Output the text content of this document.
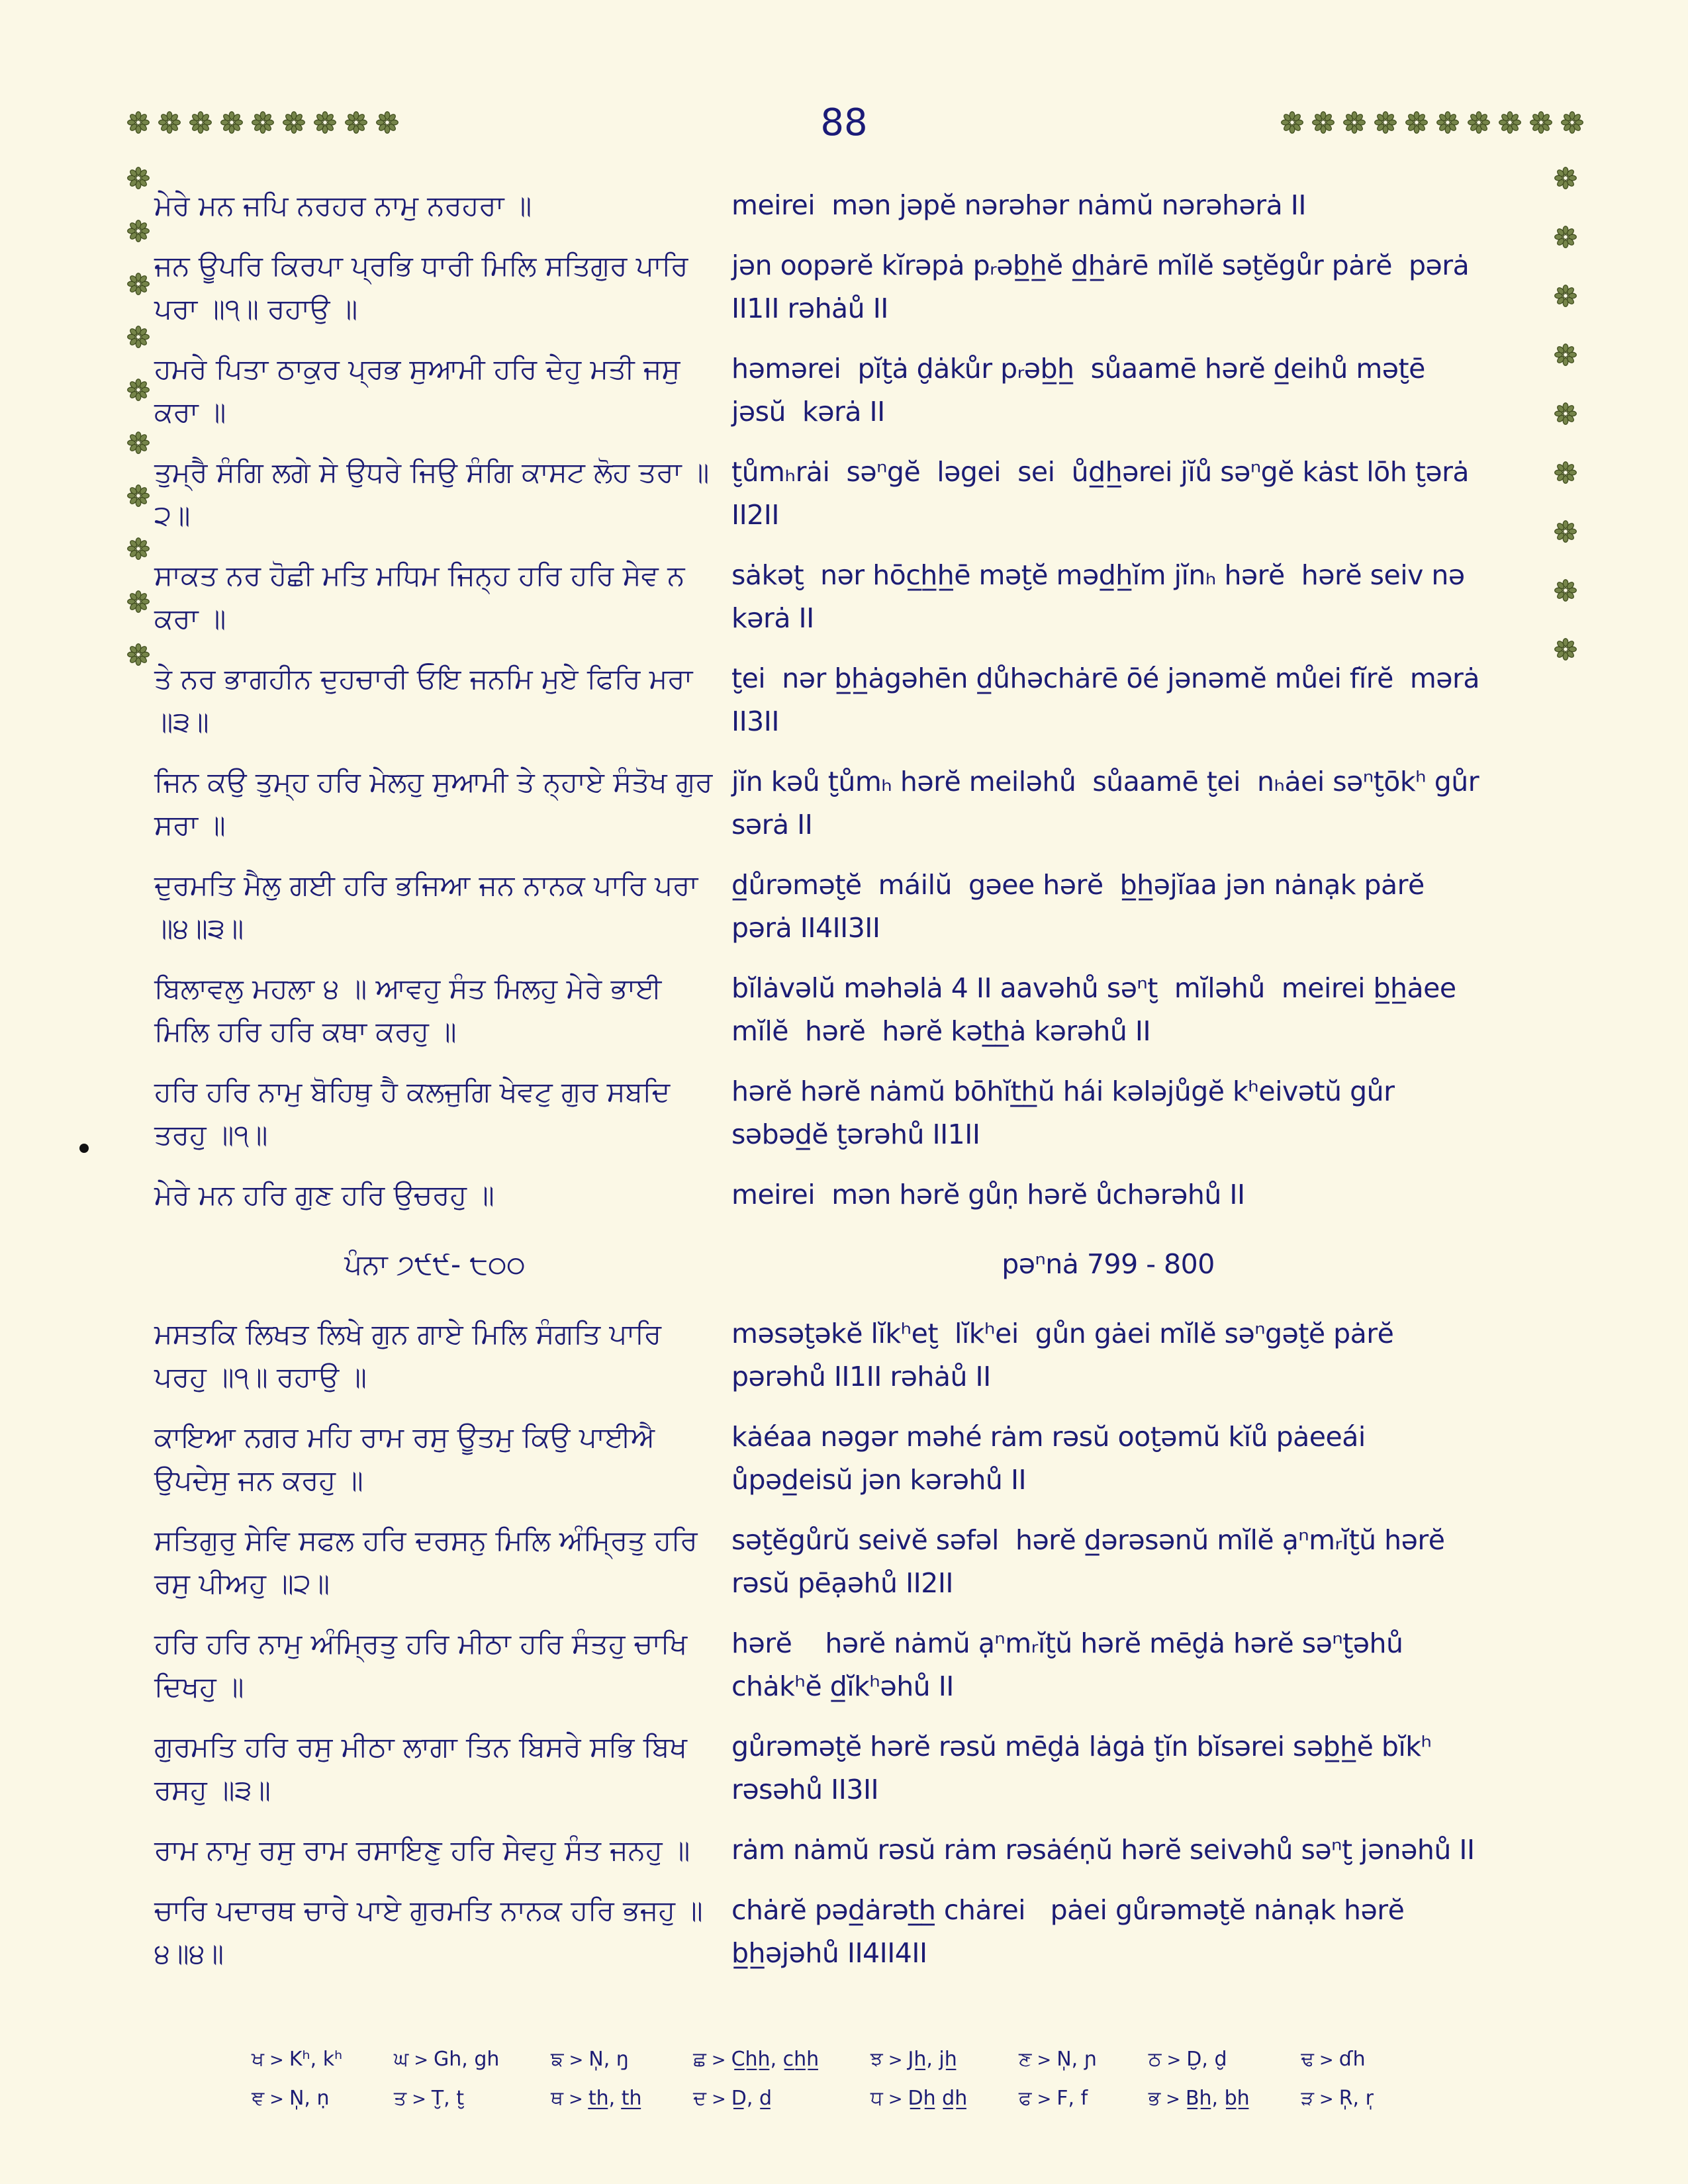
88
ਮੇਰੇ ਮਨ ਜਪਿ ਨਰਹਰ ਨਾਮੁ ਨਰਹਰਾ ॥	meirei  mən jəpĕ nərəhər nȧmŭ nərəhərȧ II
ਜਨ ਊਪਰਿ ਕਿਰਪਾ ਪ੍ਰਭਿ ਧਾਰੀ ਮਿਲਿ ਸਤਿਗੁਰ ਪਾਰਿ ਪਰਾ ॥੧॥ ਰਹਾਉ ॥
jən oopərĕ kĭrəpȧ pᵣəb̲h̲ĕ d̲h̲ȧrē mĭlĕ sət̮ĕgůr pȧrĕ  pərȧ II1II rəhȧů II
ਹਮਰੇ ਪਿਤਾ ਠਾਕੁਰ ਪ੍ਰਭ ਸੁਆਮੀ ਹਰਿ ਦੇਹੁ ਮਤੀ ਜਸੁ ਕਰਾ ॥
həmərei  pĭt̮ȧ d̮ȧkůr pᵣəb̲h̲  sůaamē hərĕ d̲eihů mət̮ē  jəsŭ  kərȧ II
ਤੁਮ੍ਰੈ ਸੰਗਿ ਲਗੇ ਸੇ ਉਧਰੇ ਜਿਉ ਸੰਗਿ ਕਾਸਟ ਲੋਹ ਤਰਾ ॥੨॥
t̮ůmₕrȧi  səⁿgĕ  ləgei  sei  ůd̲h̲ərei jĭů səⁿgĕ kȧst lōh t̮ərȧ II2II
ਸਾਕਤ ਨਰ ਹੋਛੀ ਮਤਿ ਮਧਿਮ ਜਿਨ੍ਹ ਹਰਿ ਹਰਿ ਸੇਵ ਨ ਕਰਾ ॥
sȧkət̮  nər hōc̲h̲h̲ē mət̮ĕ məd̲h̲ĭm jĭnₕ hərĕ  hərĕ seiv nə  kərȧ II
ਤੇ ਨਰ ਭਾਗਹੀਨ ਦੁਹਚਾਰੀ ਓਇ ਜਨਮਿ ਮੁਏ ਫਿਰਿ ਮਰਾ ॥੩॥
t̮ei  nər b̲h̲ȧgəhēn d̲ůhəchȧrē ōé jənəmĕ můei fĭrĕ  mərȧ II3II
ਜਿਨ ਕਉ ਤੁਮ੍ਹ ਹਰਿ ਮੇਲਹੁ ਸੁਆਮੀ ਤੇ ਨ੍ਹਾਏ ਸੰਤੋਖ ਗੁਰ ਸਰਾ ॥
jĭn kəů t̮ůmₕ hərĕ meiləhů  sůaamē t̮ei  nₕȧei səⁿt̮ōkʰ gůr  sərȧ II
ਦੁਰਮਤਿ ਮੈਲੁ ਗਈ ਹਰਿ ਭਜਿਆ ਜਨ ਨਾਨਕ ਪਾਰਿ ਪਰਾ ॥੪॥੩॥
d̲ůrəmət̮ĕ  máilŭ  gəee hərĕ  b̲h̲əjĭaa jən nȧnạk pȧrĕ pərȧ II4II3II
ਬਿਲਾਵਲੁ ਮਹਲਾ ੪ ॥ ਆਵਹੁ ਸੰਤ ਮਿਲਹੁ ਮੇਰੇ ਭਾਈ ਮਿਲਿ ਹਰਿ ਹਰਿ ਕਥਾ ਕਰਹੁ ॥
bĭlȧvəlŭ məhəlȧ 4 II aavəhů səⁿt̮  mĭləhů  meirei b̲h̲ȧee mĭlĕ  hərĕ  hərĕ kət̲h̲ȧ kərəhů II
ਹਰਿ ਹਰਿ ਨਾਮੁ ਬੋਹਿਥੁ ਹੈ ਕਲਜੁਗਿ ਖੇਵਟੁ ਗੁਰ ਸਬਦਿ ਤਰਹੁ ॥੧॥
hərĕ hərĕ nȧmŭ bōhĭt̲h̲ŭ hái kələjůgĕ kʰeivətŭ gůr səbəd̲ĕ t̮ərəhů II1II
ਮੇਰੇ ਮਨ ਹਰਿ ਗੁਣ ਹਰਿ ਉਚਰਹੁ ॥	meirei  mən hərĕ gůṇ hərĕ ůchərəhů II
ਪੰਨਾ ੭੯੯- ੮੦੦	pəⁿnȧ 799 - 800
ਮਸਤਕਿ ਲਿਖਤ ਲਿਖੇ ਗੁਨ ਗਾਏ ਮਿਲਿ ਸੰਗਤਿ ਪਾਰਿ ਪਰਹੁ ॥੧॥ ਰਹਾਉ ॥
məsət̮əkĕ lĭkʰet̮  lĭkʰei  gůn gȧei mĭlĕ səⁿgət̮ĕ pȧrĕ pərəhů II1II rəhȧů II
ਕਾਇਆ ਨਗਰ ਮਹਿ ਰਾਮ ਰਸੁ ਊਤਮੁ ਕਿਉ ਪਾਈਐ ਉਪਦੇਸੁ ਜਨ ਕਰਹੁ ॥
kȧéaa nəgər məhé rȧm rəsŭ oot̮əmŭ kĭů pȧeeái ůpəd̲eisŭ jən kərəhů II
ਸਤਿਗੁਰੁ ਸੇਵਿ ਸਫਲ ਹਰਿ ਦਰਸਨੁ ਮਿਲਿ ਅੰਮ੍ਰਿਤੁ ਹਰਿ ਰਸੁ ਪੀਅਹੁ ॥੨॥
sət̮ĕgůrŭ seivĕ səfəl  hərĕ d̲ərəsənŭ mĭlĕ ạⁿmᵣĭt̮ŭ hərĕ rəsŭ pēạəhů II2II
ਹਰਿ ਹਰਿ ਨਾਮੁ ਅੰਮ੍ਰਿਤੁ ਹਰਿ ਮੀਠਾ ਹਰਿ ਸੰਤਹੁ ਚਾਖਿ ਦਿਖਹੁ ॥
hərĕ    hərĕ nȧmŭ ạⁿmᵣĭt̮ŭ hərĕ mēd̮ȧ hərĕ səⁿt̮əhů chȧkʰĕ d̲ĭkʰəhů II
ਗੁਰਮਤਿ ਹਰਿ ਰਸੁ ਮੀਠਾ ਲਾਗਾ ਤਿਨ ਬਿਸਰੇ ਸਭਿ ਬਿਖ ਰਸਹੁ ॥੩॥
gůrəmət̮ĕ hərĕ rəsŭ mēd̮ȧ lȧgȧ t̮ĭn bĭsərei səb̲h̲ĕ bĭkʰ  rəsəhů II3II
ਰਾਮ ਨਾਮੁ ਰਸੁ ਰਾਮ ਰਸਾਇਣੁ ਹਰਿ ਸੇਵਹੁ ਸੰਤ ਜਨਹੁ ॥	rȧm nȧmŭ rəsŭ rȧm rəsȧéṇŭ hərĕ seivəhů səⁿt̮ jənəhů II
ਚਾਰਿ ਪਦਾਰਥ ਚਾਰੇ ਪਾਏ ਗੁਰਮਤਿ ਨਾਨਕ ਹਰਿ ਭਜਹੁ ॥੪॥੪॥
chȧrĕ pəd̲ȧrət̲h̲ chȧrei   pȧei gůrəmət̮ĕ nȧnạk hərĕ b̲h̲əjəhů II4II4II
ਖ > Kʰ, kʰ	ਘ > Gh, gh	ਙ > N̩, ŋ	ਛ > C̲h̲h̲, c̲h̲h̲	ਝ > Jh̲, jh̲	ਣ > N̩, ɲ	ਠ > D̮, d̮	ਢ > ɗh
ਞ > N̩, ṇ	ਤ > T̮, t̮	ਥ > t̲h̲, t̲h̲	ਦ > D̲, d̲	ਧ > D̲h̲ d̲h̲	ਫ > F, f	ਭ > B̲h̲, b̲h̲	ੜ > R̩, r̩
